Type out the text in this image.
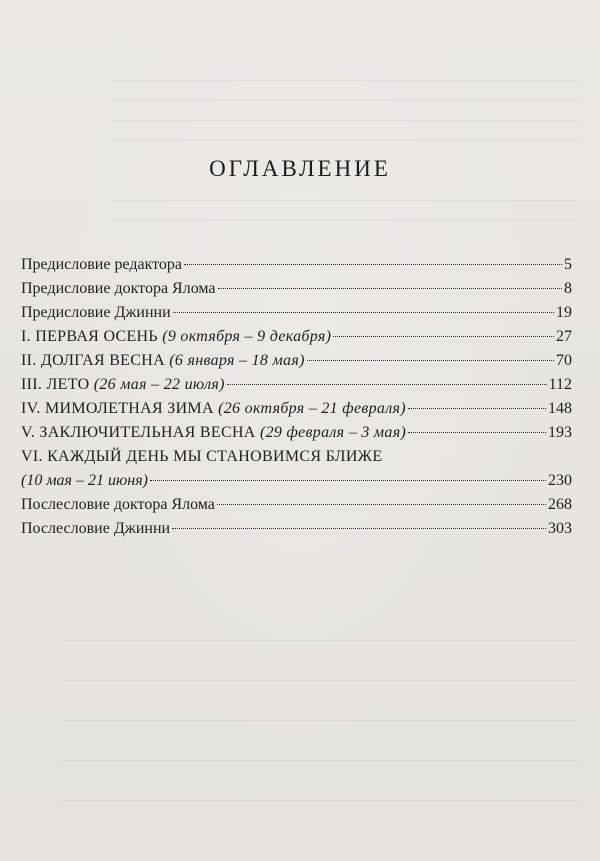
ОГЛАВЛЕНИЕ
Предисловие редактора	5
Предисловие доктора Ялома	8
Предисловие Джинни	19
I. ПЕРВАЯ ОСЕНЬ (9 октября – 9 декабря)	27
II. ДОЛГАЯ ВЕСНА (6 января – 18 мая)	70
III. ЛЕТО (26 мая – 22 июля)	112
IV. МИМОЛЕТНАЯ ЗИМА (26 октября – 21 февраля)	148
V. ЗАКЛЮЧИТЕЛЬНАЯ ВЕСНА (29 февраля – 3 мая)	193
VI. КАЖДЫЙ ДЕНЬ МЫ СТАНОВИМСЯ БЛИЖЕ
(10 мая – 21 июня)	230
Послесловие доктора Ялома	268
Послесловие Джинни	303
